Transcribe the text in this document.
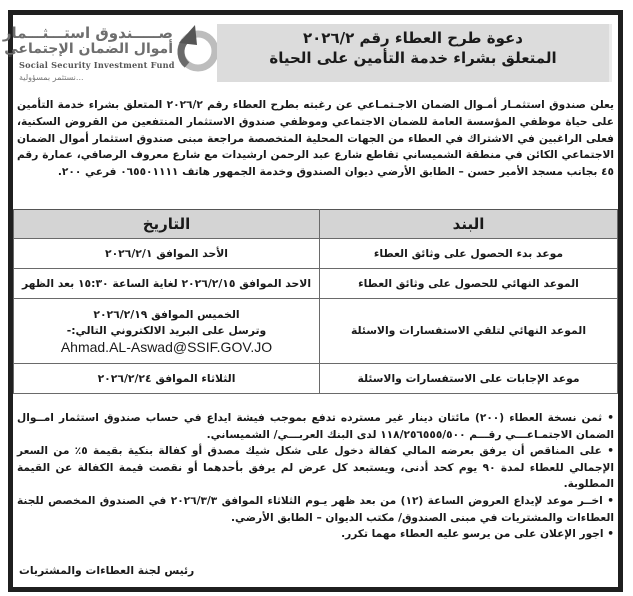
صـــــندوق استـــثـــمار
أموال الضمان الإجتماعي
Social Security Investment Fund
...نستثمر بمسؤولية
دعوة طرح العطاء رقم ٢٠٢٦/٢
المتعلق بشراء خدمة التأمين على الحياة
يعلن صندوق استثمـار أمـوال الضمان الاجـتمـاعي عن رغبته بطرح العطاء رقم ٢٠٢٦/٢ المتعلق بشراء خدمة التأمين على حياة موظفي المؤسسة العامة للضمان الاجتماعي وموظفي صندوق الاستثمار المنتفعين من القروض السكنية، فعلى الراغبين في الاشتراك في العطاء من الجهات المحلية المتخصصة مراجعة مبنى صندوق استثمار أموال الضمان الاجتماعي الكائن في منطقة الشميساني تقاطع شارع عبد الرحمن ارشيدات مع شارع معروف الرصافي، عمارة رقم ٤٥ بجانب مسجد الأمير حسن – الطابق الأرضي ديوان الصندوق وخدمة الجمهور هاتف ٠٦٥٥٠١١١١ فرعي ٢٠٠.
البند	التاريخ
موعد بدء الحصول على وثائق العطاء	الأحد الموافق ٢٠٢٦/٢/١
الموعد النهائي للحصول على وثائق العطاء	الاحد الموافق ٢٠٢٦/٢/١٥ لغاية الساعة ١٥:٣٠ بعد الظهر
الموعد النهائي لتلقي الاستفسارات والاسئلة	الخميس الموافق ٢٠٢٦/٢/١٩
وترسل على البريد الالكتروني التالي:-
Ahmad.AL-Aswad@SSIF.GOV.JO

موعد الإجابات على الاستفسارات والاسئلة	الثلاثاء الموافق ٢٠٢٦/٢/٢٤

• ثمن نسخة العطاء (٢٠٠) مائتان دينار غير مسترده تدفع بموجب فيشة ايداع في حساب صندوق استثمار امــوال الضمان الاجتمـاعـــي رقـــم ١١٨/٢٥٦٥٥٥/٥٠٠ لدى البنك العربـــي/ الشميساني.

• على المناقص أن يرفق بعرضه المالي كفالة دخول على شكل شيك مصدق أو كفالة بنكية بقيمة ٥٪ من السعر الإجمالي للعطاء لمدة ٩٠ يوم كحد أدنى، ويستبعد كل عرض لم يرفق بأحدهما أو نقصت قيمة الكفالة عن القيمة المطلوبة.

• اخــر موعد لإيداع العروض الساعة (١٢) من بعد ظهر يـوم الثلاثاء الموافق ٢٠٢٦/٣/٣ في الصندوق المخصص للجنة العطاءات والمشتريات في مبنى الصندوق/ مكتب الديوان – الطابق الأرضي.

• اجور الإعلان على من يرسو عليه العطاء مهما تكرر.

رئيس لجنة العطاءات والمشتريات
